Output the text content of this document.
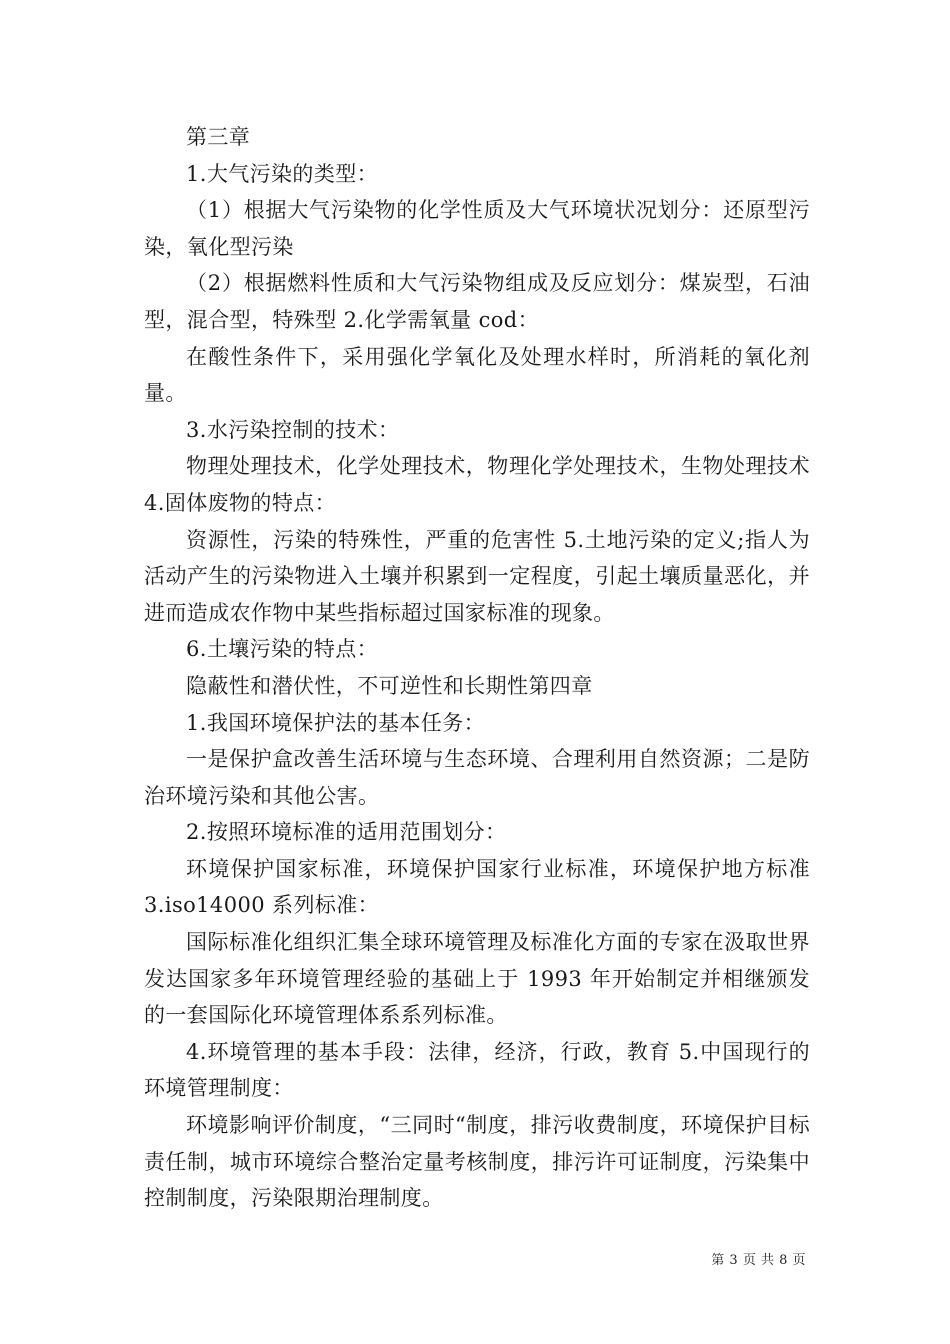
第三章

1.大气污染的类型：

（1）根据大气污染物的化学性质及大气环境状况划分：还原型污染，氧化型污染

（2）根据燃料性质和大气污染物组成及反应划分：煤炭型，石油型，混合型，特殊型 2.化学需氧量 cod：

在酸性条件下，采用强化学氧化及处理水样时，所消耗的氧化剂量。

3.水污染控制的技术：

物理处理技术，化学处理技术，物理化学处理技术，生物处理技术 4.固体废物的特点：

资源性，污染的特殊性，严重的危害性 5.土地污染的定义;指人为活动产生的污染物进入土壤并积累到一定程度，引起土壤质量恶化，并进而造成农作物中某些指标超过国家标准的现象。

6.土壤污染的特点：

隐蔽性和潜伏性，不可逆性和长期性第四章

1.我国环境保护法的基本任务：

一是保护盒改善生活环境与生态环境、合理利用自然资源；二是防治环境污染和其他公害。

2.按照环境标准的适用范围划分：

环境保护国家标准，环境保护国家行业标准，环境保护地方标准 3.iso14000 系列标准：

国际标准化组织汇集全球环境管理及标准化方面的专家在汲取世界发达国家多年环境管理经验的基础上于 1993 年开始制定并相继颁发的一套国际化环境管理体系系列标准。

4.环境管理的基本手段：法律，经济，行政，教育 5.中国现行的环境管理制度：

环境影响评价制度，“三同时“制度，排污收费制度，环境保护目标责任制，城市环境综合整治定量考核制度，排污许可证制度，污染集中控制制度，污染限期治理制度。

第 3 页 共 8 页
